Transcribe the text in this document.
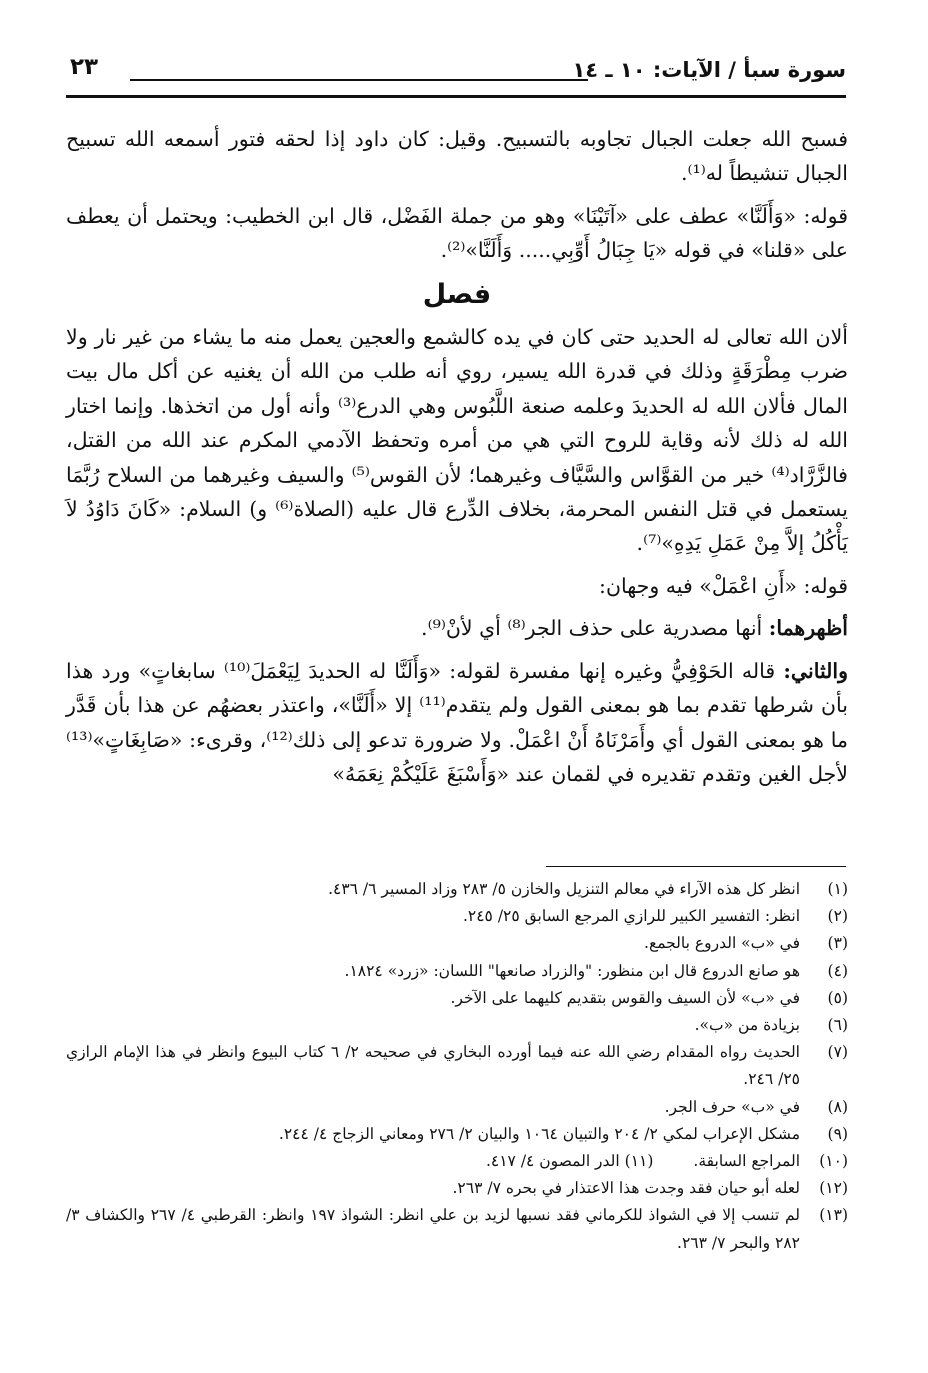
سورة سبأ / الآيات: ١٠ ـ ١٤
٢٣

فسبح الله جعلت الجبال تجاوبه بالتسبيح. وقيل: كان داود إذا لحقه فتور أسمعه الله تسبيح الجبال تنشيطاً له⁽¹⁾.

قوله: «وَأَلَنَّا» عطف على «آتَيْنَا» وهو من جملة الفَضْل، قال ابن الخطيب: ويحتمل أن يعطف على «قلنا» في قوله «يَا جِبَالُ أَوِّبِي..... وَأَلَنَّا»⁽²⁾.

فصل

ألان الله تعالى له الحديد حتى كان في يده كالشمع والعجين يعمل منه ما يشاء من غير نار ولا ضرب مِطْرَقَةٍ وذلك في قدرة الله يسير، روي أنه طلب من الله أن يغنيه عن أكل مال بيت المال فألان الله له الحديدَ وعلمه صنعة اللَّبُوس وهي الدرع⁽³⁾ وأنه أول من اتخذها. وإنما اختار الله له ذلك لأنه وقاية للروح التي هي من أمره وتحفظ الآدمي المكرم عند الله من القتل، فالزَّرَّاد⁽⁴⁾ خير من القوَّاس والسَّيَّاف وغيرهما؛ لأن القوس⁽⁵⁾ والسيف وغيرهما من السلاح رُبَّمَا يستعمل في قتل النفس المحرمة، بخلاف الدِّرع قال عليه (الصلاة⁽⁶⁾ و) السلام: «كَانَ دَاوُدُ لاَ يَأْكُلُ إلاَّ مِنْ عَمَلِ يَدِهِ»⁽⁷⁾.

قوله: «أَنِ اعْمَلْ» فيه وجهان:

أظهرهما: أنها مصدرية على حذف الجر⁽⁸⁾ أي لأنْ⁽⁹⁾.

والثاني: قاله الحَوْفِيُّ وغيره إنها مفسرة لقوله: «وَأَلَنَّا له الحديدَ لِيَعْمَلَ⁽¹⁰⁾ سابغاتٍ» ورد هذا بأن شرطها تقدم بما هو بمعنى القول ولم يتقدم⁽¹¹⁾ إلا «أَلَنَّا»، واعتذر بعضهُم عن هذا بأن قَدَّر ما هو بمعنى القول أي وأَمَرْنَاهُ أَنْ اعْمَلْ. ولا ضرورة تدعو إلى ذلك⁽¹²⁾، وقرىء: «صَابِغَاتٍ»⁽¹³⁾ لأجل الغين وتقدم تقديره في لقمان عند «وَأَسْبَغَ عَلَيْكُمْ نِعَمَهُ»

(١)
انظر كل هذه الآراء في معالم التنزيل والخازن ٥/ ٢٨٣ وزاد المسير ٦/ ٤٣٦.

(٢)
انظر: التفسير الكبير للرازي المرجع السابق ٢٥/ ٢٤٥.

(٣)
في «ب» الدروع بالجمع.

(٤)
هو صانع الدروع قال ابن منظور: "والزراد صانعها" اللسان: «زرد» ١٨٢٤.

(٥)
في «ب» لأن السيف والقوس بتقديم كليهما على الآخر.

(٦)
بزيادة من «ب».

(٧)
الحديث رواه المقدام رضي الله عنه فيما أورده البخاري في صحيحه ٢/ ٦ كتاب البيوع وانظر في هذا الإمام الرازي ٢٥/ ٢٤٦.

(٨)
في «ب» حرف الجر.

(٩)
مشكل الإعراب لمكي ٢/ ٢٠٤ والتبيان ١٠٦٤ والبيان ٢/ ٢٧٦ ومعاني الزجاج ٤/ ٢٤٤.

(١٠)
المراجع السابقة.(١١) الدر المصون ٤/ ٤١٧.

(١٢)
لعله أبو حيان فقد وجدت هذا الاعتذار في بحره ٧/ ٢٦٣.

(١٣)
لم تنسب إلا في الشواذ للكرماني فقد نسبها لزيد بن علي انظر: الشواذ ١٩٧ وانظر: القرطبي ٤/ ٢٦٧ والكشاف ٣/ ٢٨٢ والبحر ٧/ ٢٦٣.
